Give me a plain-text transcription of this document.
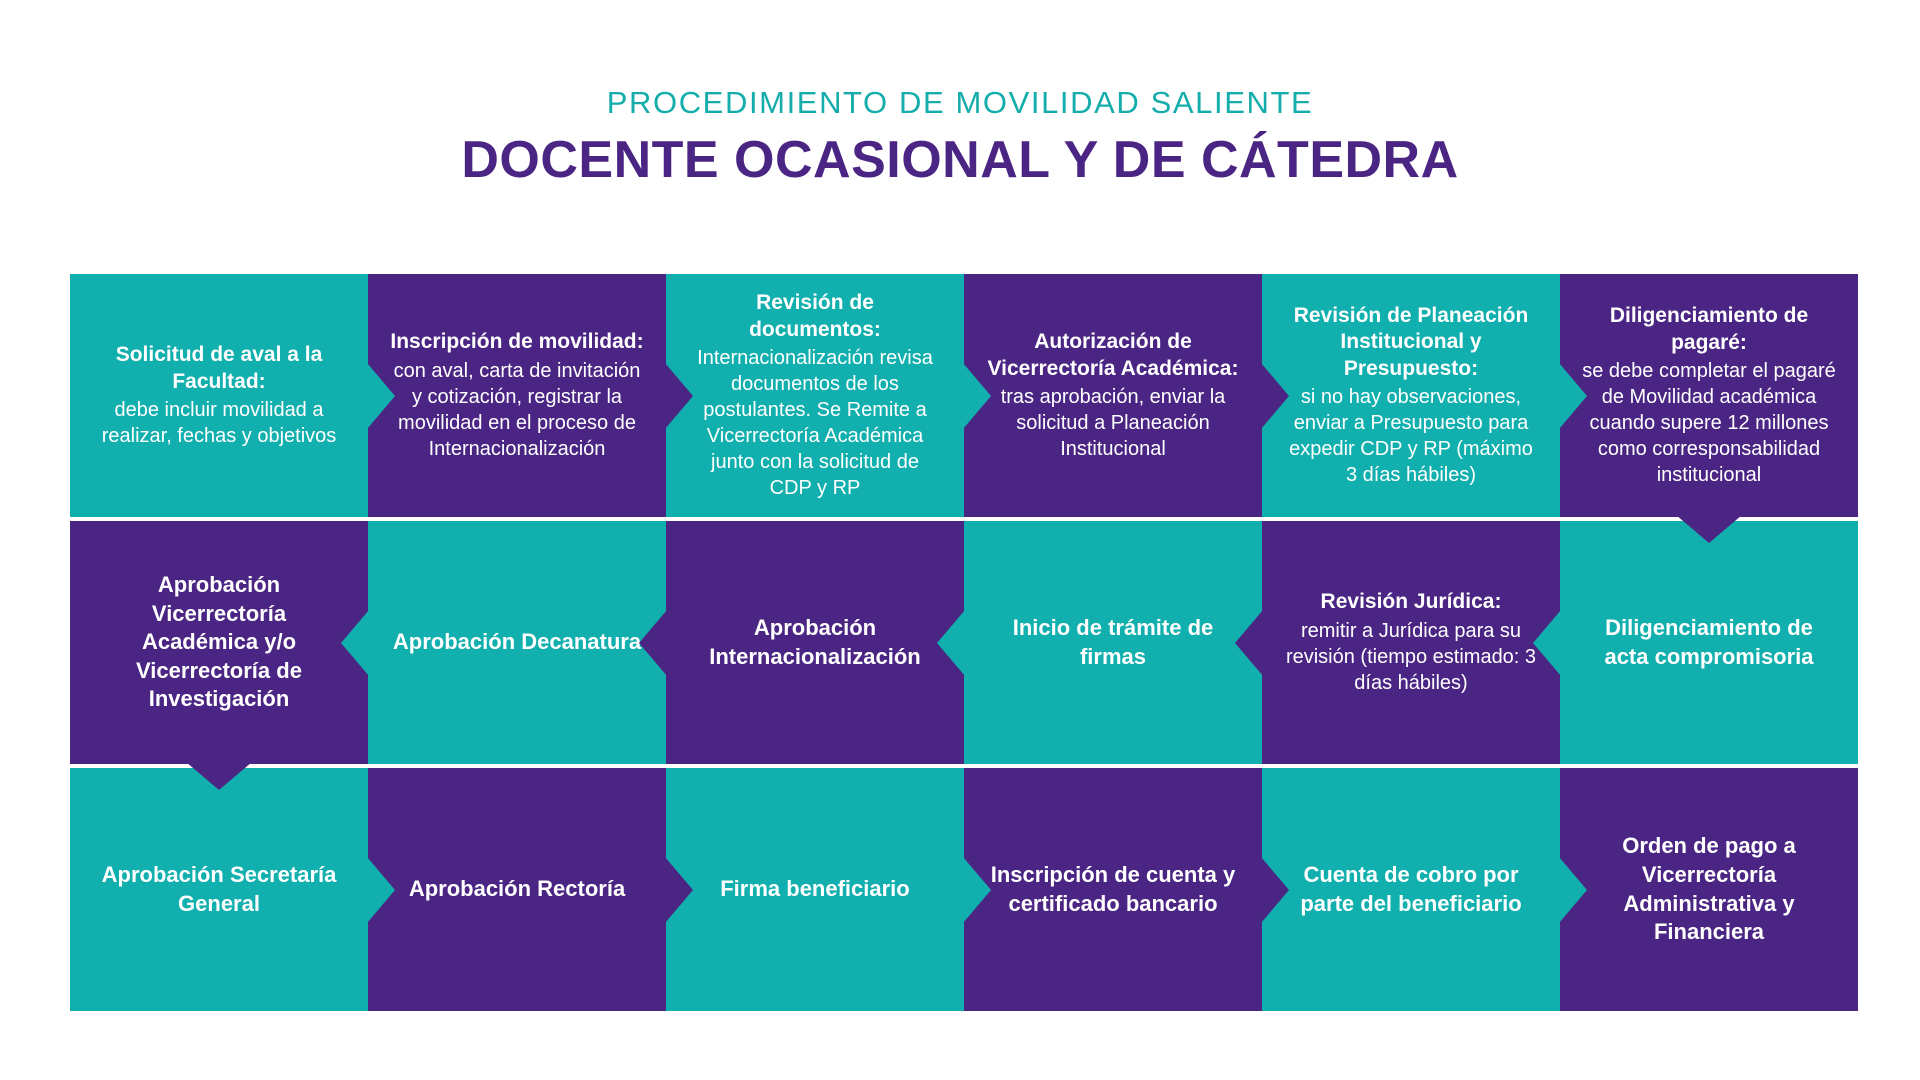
PROCEDIMIENTO DE MOVILIDAD SALIENTE
DOCENTE OCASIONAL Y DE CÁTEDRA
Solicitud de aval a la Facultad:
debe incluir movilidad a realizar, fechas y objetivos
Inscripción de movilidad:
con aval, carta de invitación y cotización, registrar la movilidad en el proceso de Internacionalización
Revisión de documentos:
Internacionalización revisa documentos de los postulantes. Se Remite a Vicerrectoría Académica junto con la solicitud de CDP y RP
Autorización de Vicerrectoría Académica:
tras aprobación, enviar la solicitud a Planeación Institucional
Revisión de Planeación Institucional y Presupuesto:
si no hay observaciones, enviar a Presupuesto para expedir CDP y RP (máximo 3 días hábiles)
Diligenciamiento de pagaré:
se debe completar el pagaré de Movilidad académica cuando supere 12 millones como corresponsabilidad institucional
Aprobación Vicerrectoría Académica y/o Vicerrectoría de Investigación
Aprobación Decanatura
Aprobación Internacionalización
Inicio de trámite de firmas
Revisión Jurídica:
remitir a Jurídica para su revisión (tiempo estimado: 3 días hábiles)
Diligenciamiento de acta compromisoria
Aprobación Secretaría General
Aprobación Rectoría	Firma beneficiario
Inscripción de cuenta y certificado bancario
Cuenta de cobro por parte del beneficiario
Orden de pago a Vicerrectoría Administrativa y Financiera
